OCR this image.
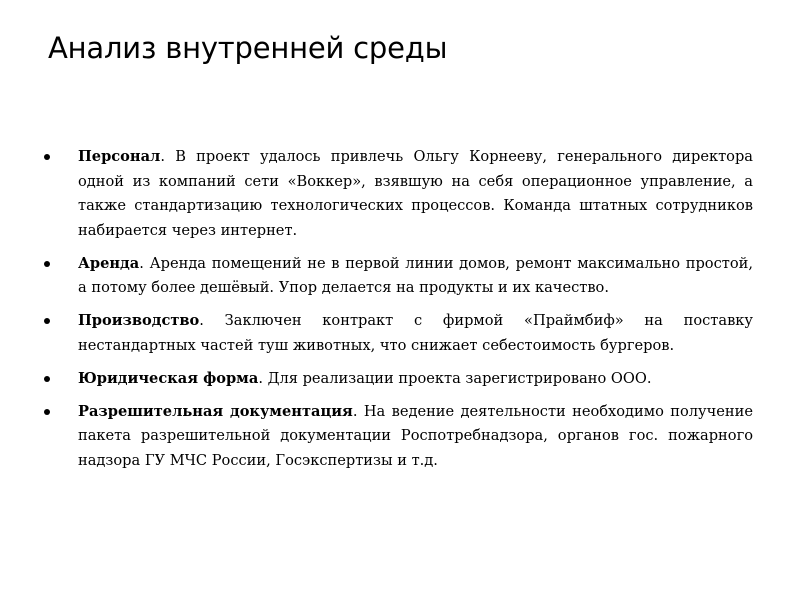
Анализ внутренней среды
Персонал. В проект удалось привлечь Ольгу Корнееву, генерального директора одной из компаний сети «Воккер», взявшую на себя операционное управление, а также стандартизацию технологических процессов. Команда штатных сотрудников набирается через интернет.
Аренда. Аренда помещений не в первой линии домов, ремонт максимально простой, а потому более дешёвый. Упор делается на продукты и их качество.
Производство. Заключен контракт с фирмой «Праймбиф» на поставку нестандартных частей туш животных, что снижает себестоимость бургеров.
Юридическая форма. Для реализации проекта зарегистрировано ООО.
Разрешительная документация. На ведение деятельности необходимо получение пакета разрешительной документации Роспотребнадзора, органов гос. пожарного надзора ГУ МЧС России, Госэкспертизы и т.д.
